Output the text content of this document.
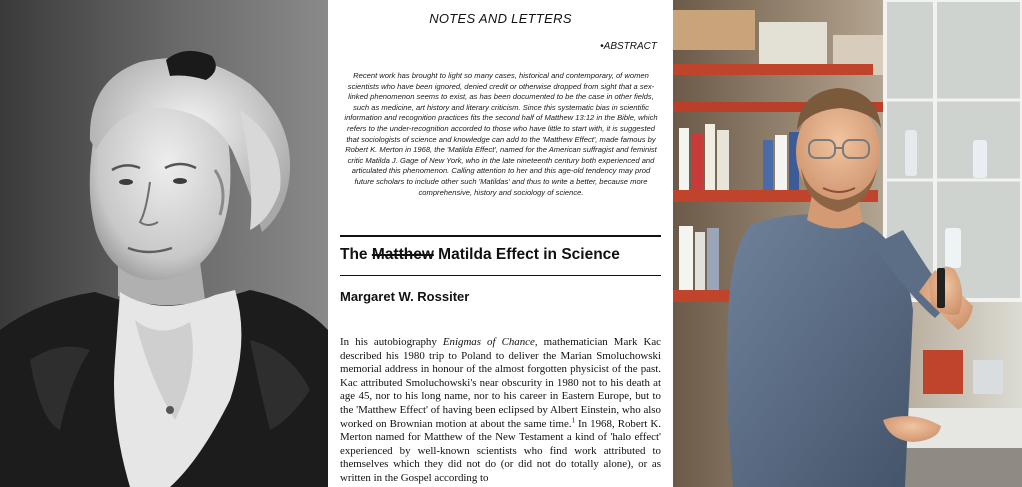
NOTES AND LETTERS
•ABSTRACT

Recent work has brought to light so many cases, historical and contemporary, of women scientists who have been ignored, denied credit or otherwise dropped from sight that a sex-linked phenomenon seems to exist, as has been documented to be the case in other fields, such as medicine, art history and literary criticism. Since this systematic bias in scientific information and recognition practices fits the second half of Matthew 13:12 in the Bible, which refers to the under-recognition accorded to those who have little to start with, it is suggested that sociologists of science and knowledge can add to the 'Matthew Effect', made famous by Robert K. Merton in 1968, the 'Matilda Effect', named for the American suffragist and feminist critic Matilda J. Gage of New York, who in the late nineteenth century both experienced and articulated this phenomenon. Calling attention to her and this age-old tendency may prod future scholars to include other such 'Matildas' and thus to write a better, because more comprehensive, history and sociology of science.

The Matthew Matilda Effect in Science

Margaret W. Rossiter

In his autobiography Enigmas of Chance, mathematician Mark Kac described his 1980 trip to Poland to deliver the Marian Smoluchowski memorial address in honour of the almost forgotten physicist of the past. Kac attributed Smoluchowski's near obscurity in 1980 not to his death at age 45, nor to his long name, nor to his career in Eastern Europe, but to the 'Matthew Effect' of having been eclipsed by Albert Einstein, who also worked on Brownian motion at about the same time.$^1$ In 1968, Robert K. Merton named for Matthew of the New Testament a kind of 'halo effect' experienced by well-known scientists who find work attributed to themselves which they did not do (or did not do totally alone), or as written in the Gospel according to
